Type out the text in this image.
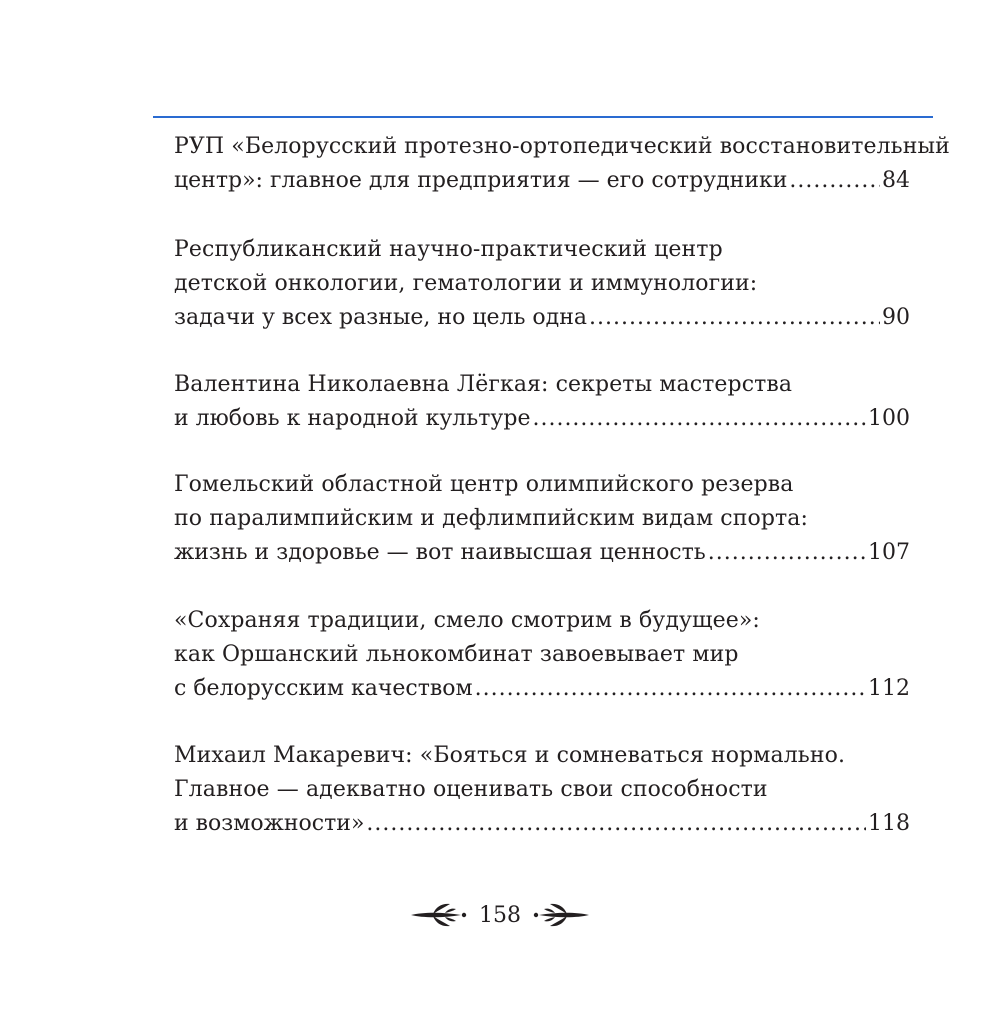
РУП «Белорусский протезно-ортопедический восстановительный
центр»: главное для предприятия — его сотрудники .....	84
Республиканский научно-практический центр
детской онкологии, гематологии и иммунологии:
задачи у всех разные, но цель одна .....	90
Валентина Николаевна Лёгкая: секреты мастерства
и любовь к народной культуре .....	100
Гомельский областной центр олимпийского резерва
по паралимпийским и дефлимпийским видам спорта:
жизнь и здоровье — вот наивысшая ценность .....	107
«Сохраняя традиции, смело смотрим в будущее»:
как Оршанский льнокомбинат завоевывает мир
с белорусским качеством .....	112
Михаил Макаревич: «Бояться и сомневаться нормально.
Главное — адекватно оценивать свои способности
и возможности» .....	118
158
